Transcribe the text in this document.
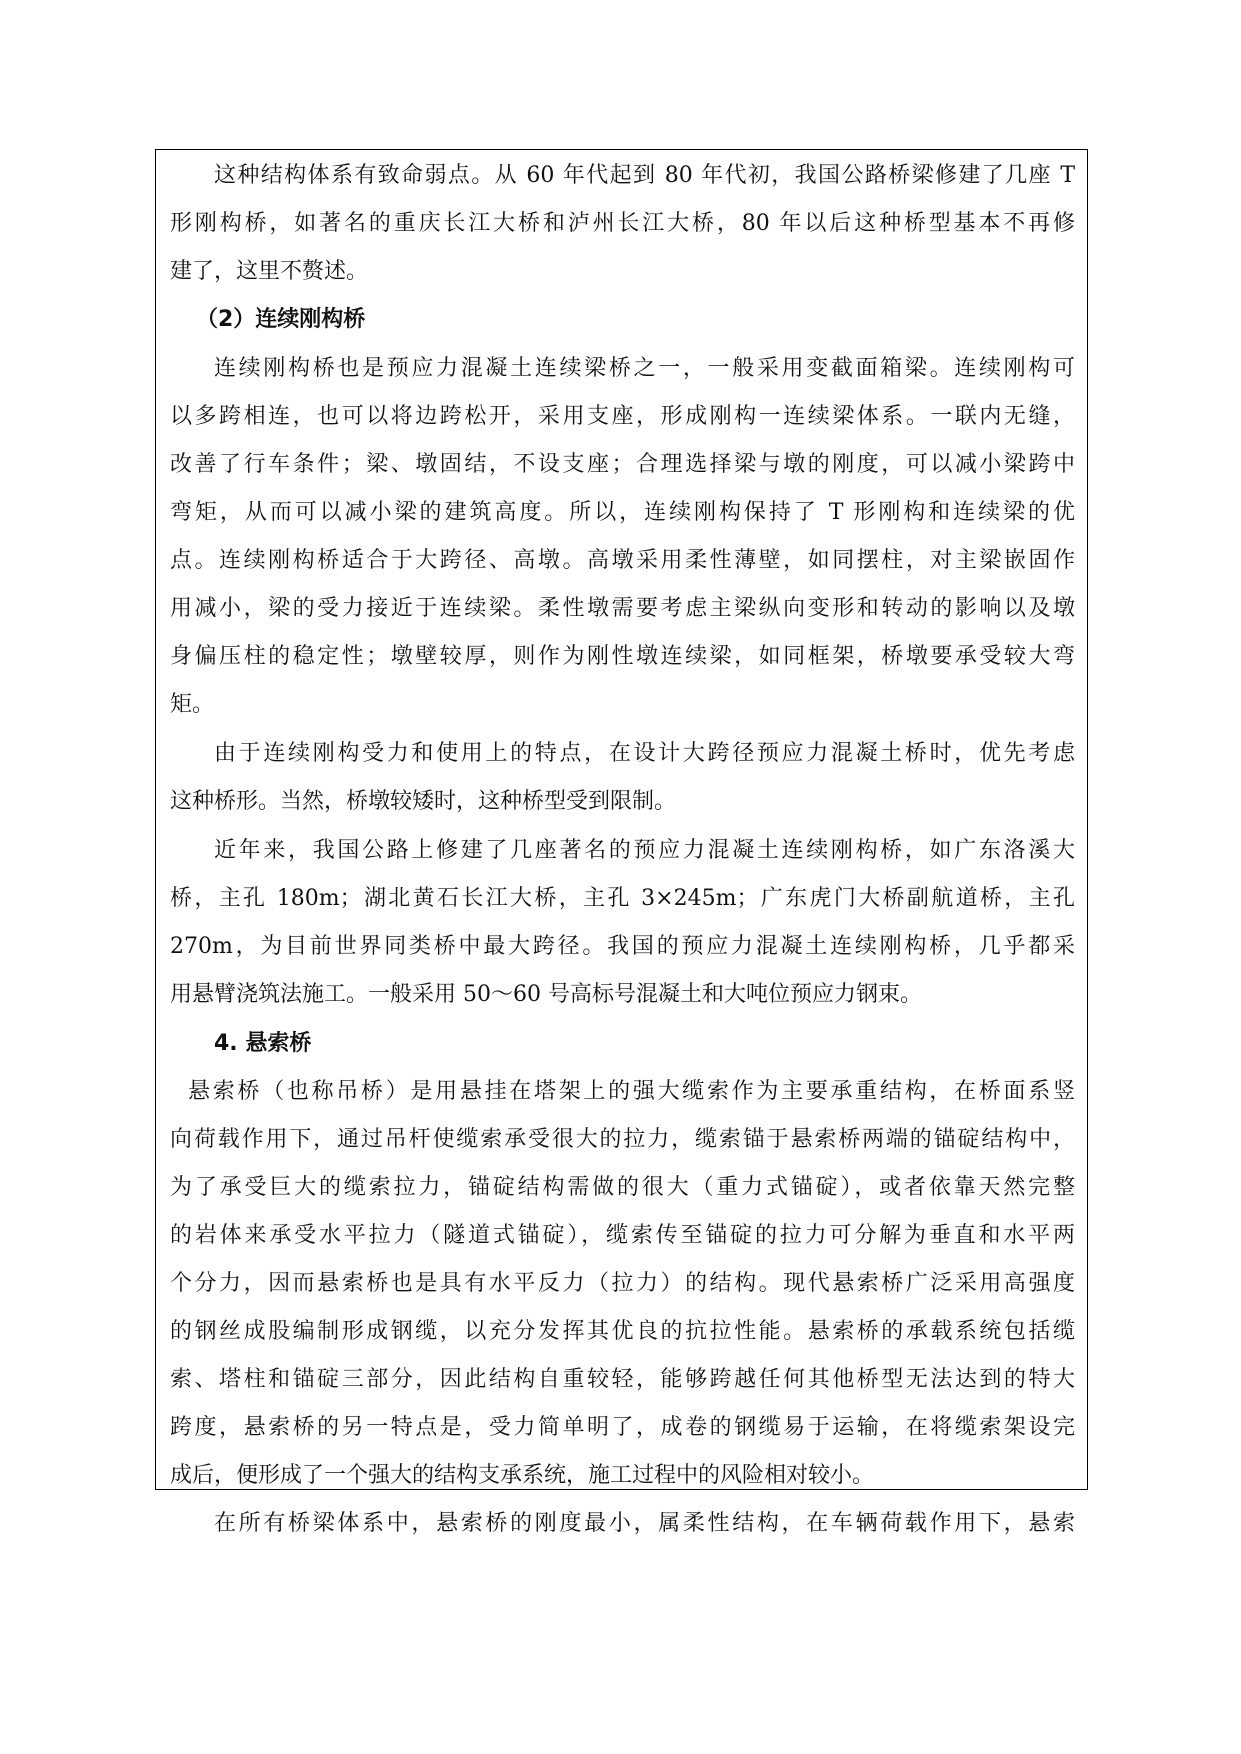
这种结构体系有致命弱点。从 60 年代起到 80 年代初，我国公路桥梁修建了几座 T
形刚构桥，如著名的重庆长江大桥和泸州长江大桥，80 年以后这种桥型基本不再修
建了，这里不赘述。
（2）连续刚构桥
连续刚构桥也是预应力混凝土连续梁桥之一，一般采用变截面箱梁。连续刚构可
以多跨相连，也可以将边跨松开，采用支座，形成刚构一连续梁体系。一联内无缝，
改善了行车条件；梁、墩固结，不设支座；合理选择梁与墩的刚度，可以减小梁跨中
弯矩，从而可以减小梁的建筑高度。所以，连续刚构保持了 T 形刚构和连续梁的优
点。连续刚构桥适合于大跨径、高墩。高墩采用柔性薄壁，如同摆柱，对主梁嵌固作
用减小，梁的受力接近于连续梁。柔性墩需要考虑主梁纵向变形和转动的影响以及墩
身偏压柱的稳定性；墩壁较厚，则作为刚性墩连续梁，如同框架，桥墩要承受较大弯
矩。
由于连续刚构受力和使用上的特点，在设计大跨径预应力混凝土桥时，优先考虑
这种桥形。当然，桥墩较矮时，这种桥型受到限制。
近年来，我国公路上修建了几座著名的预应力混凝土连续刚构桥，如广东洛溪大
桥，主孔 180m；湖北黄石长江大桥，主孔 3×245m；广东虎门大桥副航道桥，主孔
270m，为目前世界同类桥中最大跨径。我国的预应力混凝土连续刚构桥，几乎都采
用悬臂浇筑法施工。一般采用 50～60 号高标号混凝土和大吨位预应力钢束。
4. 悬索桥
悬索桥（也称吊桥）是用悬挂在塔架上的强大缆索作为主要承重结构，在桥面系竖
向荷载作用下，通过吊杆使缆索承受很大的拉力，缆索锚于悬索桥两端的锚碇结构中，
为了承受巨大的缆索拉力，锚碇结构需做的很大（重力式锚碇），或者依靠天然完整
的岩体来承受水平拉力（隧道式锚碇），缆索传至锚碇的拉力可分解为垂直和水平两
个分力，因而悬索桥也是具有水平反力（拉力）的结构。现代悬索桥广泛采用高强度
的钢丝成股编制形成钢缆，以充分发挥其优良的抗拉性能。悬索桥的承载系统包括缆
索、塔柱和锚碇三部分，因此结构自重较轻，能够跨越任何其他桥型无法达到的特大
跨度，悬索桥的另一特点是，受力简单明了，成卷的钢缆易于运输，在将缆索架设完
成后，便形成了一个强大的结构支承系统，施工过程中的风险相对较小。
在所有桥梁体系中，悬索桥的刚度最小，属柔性结构，在车辆荷载作用下，悬索
